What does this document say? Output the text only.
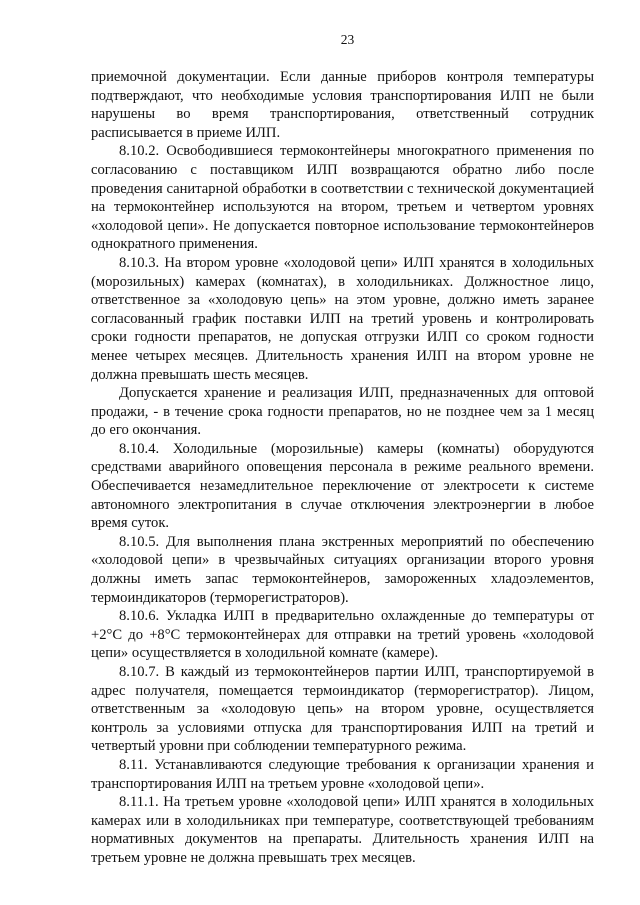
23

приемочной документации. Если данные приборов контроля температуры подтверждают, что необходимые условия транспортирования ИЛП не были нарушены во время транспортирования, ответственный сотрудник расписывается в приеме ИЛП.

8.10.2. Освободившиеся термоконтейнеры многократного применения по согласованию с поставщиком ИЛП возвращаются обратно либо после проведения санитарной обработки в соответствии с технической документацией на термоконтейнер используются на втором, третьем и четвертом уровнях «холодовой цепи». Не допускается повторное использование термоконтейнеров однократного применения.

8.10.3. На втором уровне «холодовой цепи» ИЛП хранятся в холодильных (морозильных) камерах (комнатах), в холодильниках. Должностное лицо, ответственное за «холодовую цепь» на этом уровне, должно иметь заранее согласованный график поставки ИЛП на третий уровень и контролировать сроки годности препаратов, не допуская отгрузки ИЛП со сроком годности менее четырех месяцев. Длительность хранения ИЛП на втором уровне не должна превышать шесть месяцев.

Допускается хранение и реализация ИЛП, предназначенных для оптовой продажи, - в течение срока годности препаратов, но не позднее чем за 1 месяц до его окончания.

8.10.4. Холодильные (морозильные) камеры (комнаты) оборудуются средствами аварийного оповещения персонала в режиме реального времени. Обеспечивается незамедлительное переключение от электросети к системе автономного электропитания в случае отключения электроэнергии в любое время суток.

8.10.5. Для выполнения плана экстренных мероприятий по обеспечению «холодовой цепи» в чрезвычайных ситуациях организации второго уровня должны иметь запас термоконтейнеров, замороженных хладоэлементов, термоиндикаторов (терморегистраторов).

8.10.6. Укладка ИЛП в предварительно охлажденные до температуры от +2°С до +8°С термоконтейнерах для отправки на третий уровень «холодовой цепи» осуществляется в холодильной комнате (камере).

8.10.7. В каждый из термоконтейнеров партии ИЛП, транспортируемой в адрес получателя, помещается термоиндикатор (терморегистратор). Лицом, ответственным за «холодовую цепь» на втором уровне, осуществляется контроль за условиями отпуска для транспортирования ИЛП на третий и четвертый уровни при соблюдении температурного режима.

8.11. Устанавливаются следующие требования к организации хранения и транспортирования ИЛП на третьем уровне «холодовой цепи».

8.11.1. На третьем уровне «холодовой цепи» ИЛП хранятся в холодильных камерах или в холодильниках при температуре, соответствующей требованиям нормативных документов на препараты. Длительность хранения ИЛП на третьем уровне не должна превышать трех месяцев.
